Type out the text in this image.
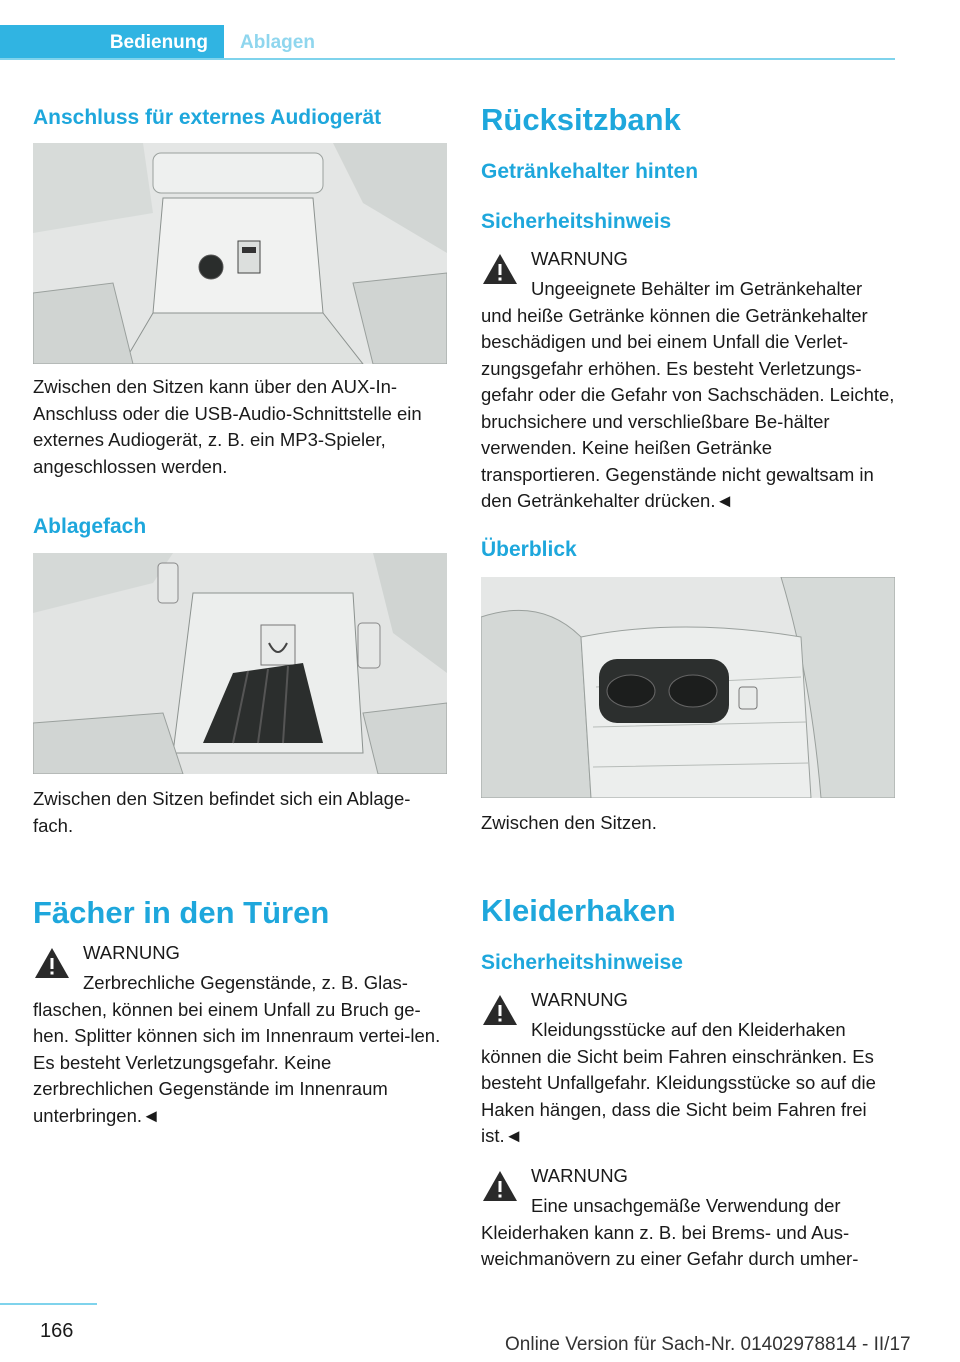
Bedienung	Ablagen
Anschluss für externes Audiogerät

Zwischen den Sitzen kann über den AUX-In-Anschluss oder die USB-Audio-Schnittstelle ein externes Audiogerät, z. B. ein MP3-Spieler, angeschlossen werden.

Ablagefach

Zwischen den Sitzen befindet sich ein Ablage-fach.

Fächer in den Türen
WARNUNG

Zerbrechliche Gegenstände, z. B. Glas-flaschen, können bei einem Unfall zu Bruch ge-hen. Splitter können sich im Innenraum vertei-len. Es besteht Verletzungsgefahr. Keine zerbrechlichen Gegenstände im Innenraum unterbringen.◄

Rücksitzbank
Getränkehalter hinten
Sicherheitshinweis
WARNUNG

Ungeeignete Behälter im Getränkehalter und heiße Getränke können die Getränkehalter beschädigen und bei einem Unfall die Verlet-zungsgefahr erhöhen. Es besteht Verletzungs-gefahr oder die Gefahr von Sachschäden. Leichte, bruchsichere und verschließbare Be-hälter verwenden. Keine heißen Getränke transportieren. Gegenstände nicht gewaltsam in den Getränkehalter drücken.◄

Überblick

Zwischen den Sitzen.

Kleiderhaken
Sicherheitshinweise
WARNUNG

Kleidungsstücke auf den Kleiderhaken können die Sicht beim Fahren einschränken. Es besteht Unfallgefahr. Kleidungsstücke so auf die Haken hängen, dass die Sicht beim Fahren frei ist.◄

WARNUNG

Eine unsachgemäße Verwendung der Kleiderhaken kann z. B. bei Brems- und Aus-weichmanövern zu einer Gefahr durch umher-

166
Online Version für Sach-Nr. 01402978814 - II/17
